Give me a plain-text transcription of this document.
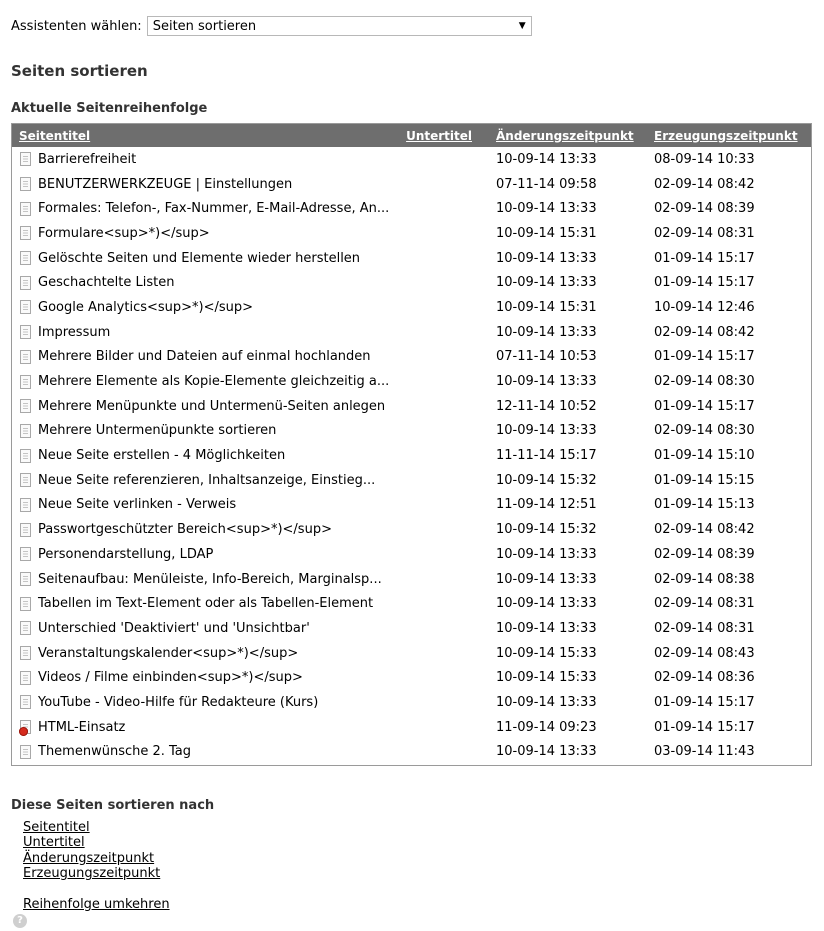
Assistenten wählen: Seiten sortieren	▼
Seiten sortieren
Aktuelle Seitenreihenfolge
Seitentitel	Untertitel	Änderungszeitpunkt	Erzeugungszeitpunkt
Barrierefreiheit		10-09-14 13:33	08-09-14 10:33
BENUTZERWERKZEUGE | Einstellungen		07-11-14 09:58	02-09-14 08:42
Formales: Telefon-, Fax-Nummer, E-Mail-Adresse, An...		10-09-14 13:33	02-09-14 08:39
Formulare<sup>*)</sup>		10-09-14 15:31	02-09-14 08:31
Gelöschte Seiten und Elemente wieder herstellen		10-09-14 13:33	01-09-14 15:17
Geschachtelte Listen		10-09-14 13:33	01-09-14 15:17
Google Analytics<sup>*)</sup>		10-09-14 15:31	10-09-14 12:46
Impressum		10-09-14 13:33	02-09-14 08:42
Mehrere Bilder und Dateien auf einmal hochlanden		07-11-14 10:53	01-09-14 15:17
Mehrere Elemente als Kopie-Elemente gleichzeitig a...		10-09-14 13:33	02-09-14 08:30
Mehrere Menüpunkte und Untermenü-Seiten anlegen		12-11-14 10:52	01-09-14 15:17
Mehrere Untermenüpunkte sortieren		10-09-14 13:33	02-09-14 08:30
Neue Seite erstellen - 4 Möglichkeiten		11-11-14 15:17	01-09-14 15:10
Neue Seite referenzieren, Inhaltsanzeige, Einstieg...		10-09-14 15:32	01-09-14 15:15
Neue Seite verlinken - Verweis		11-09-14 12:51	01-09-14 15:13
Passwortgeschützter Bereich<sup>*)</sup>		10-09-14 15:32	02-09-14 08:42
Personendarstellung, LDAP		10-09-14 13:33	02-09-14 08:39
Seitenaufbau: Menüleiste, Info-Bereich, Marginalsp...		10-09-14 13:33	02-09-14 08:38
Tabellen im Text-Element oder als Tabellen-Element		10-09-14 13:33	02-09-14 08:31
Unterschied 'Deaktiviert' und 'Unsichtbar'		10-09-14 13:33	02-09-14 08:31
Veranstaltungskalender<sup>*)</sup>		10-09-14 15:33	02-09-14 08:43
Videos / Filme einbinden<sup>*)</sup>		10-09-14 15:33	02-09-14 08:36
YouTube - Video-Hilfe für Redakteure (Kurs)		10-09-14 13:33	01-09-14 15:17
HTML-Einsatz		11-09-14 09:23	01-09-14 15:17
Themenwünsche 2. Tag		10-09-14 13:33	03-09-14 11:43
Diese Seiten sortieren nach
Seitentitel
Untertitel
Änderungszeitpunkt
Erzeugungszeitpunkt
Reihenfolge umkehren
?
